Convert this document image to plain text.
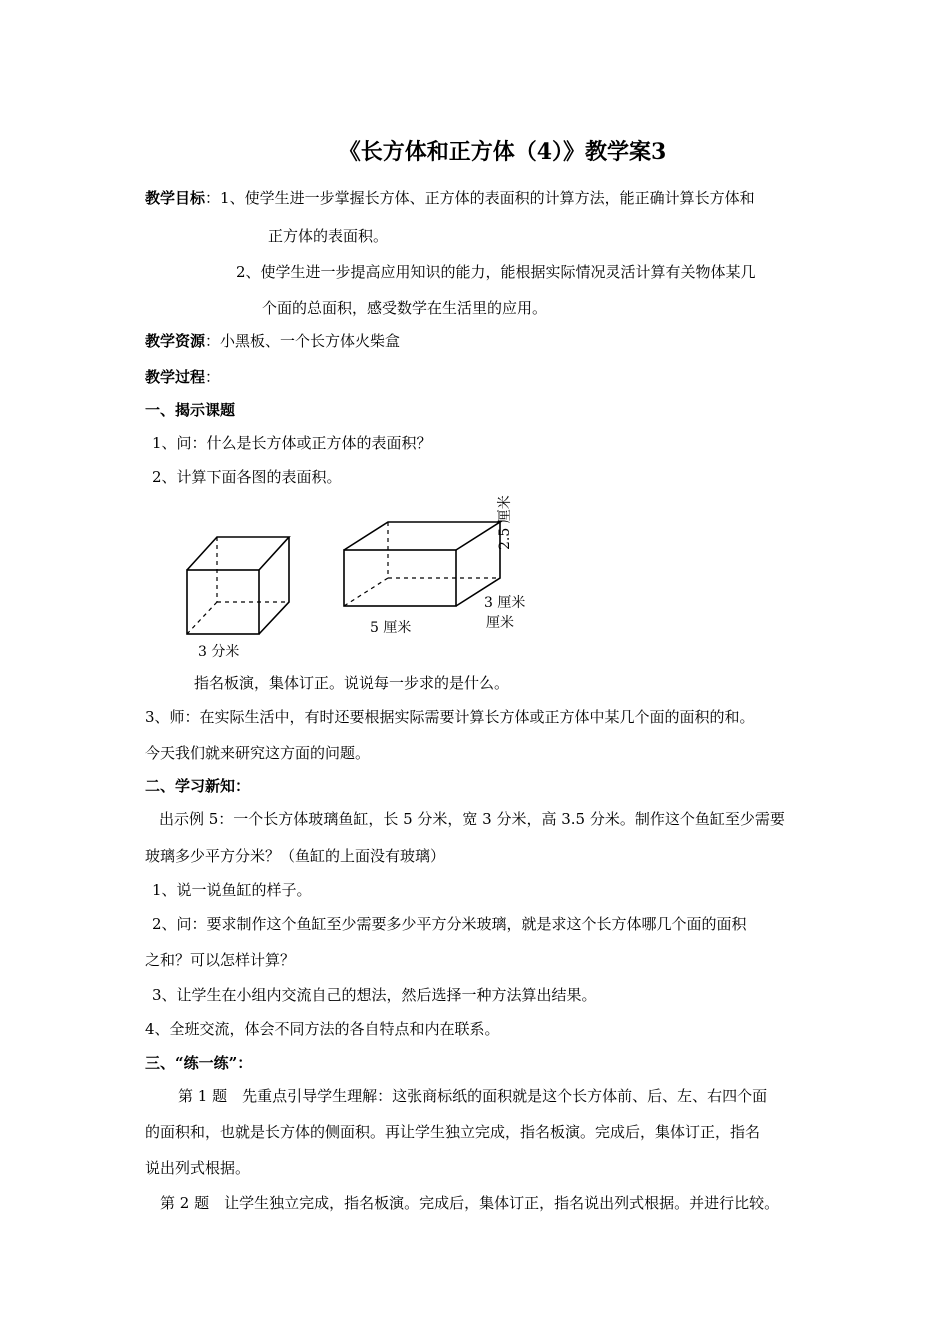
《长方体和正方体（4）》教学案3
教学目标：1、使学生进一步掌握长方体、正方体的表面积的计算方法，能正确计算长方体和
正方体的表面积。
2、使学生进一步提高应用知识的能力，能根据实际情况灵活计算有关物体某几
个面的总面积，感受数学在生活里的应用。
教学资源：小黑板、一个长方体火柴盒
教学过程：
一、揭示课题
1、问：什么是长方体或正方体的表面积？
2、计算下面各图的表面积。
3 分米
5 厘米
3 厘米
厘米
2.5 厘米
指名板演，集体订正。说说每一步求的是什么。
3、师：在实际生活中，有时还要根据实际需要计算长方体或正方体中某几个面的面积的和。
今天我们就来研究这方面的问题。
二、学习新知：
出示例 5：一个长方体玻璃鱼缸，长 5 分米，宽 3 分米，高 3.5 分米。制作这个鱼缸至少需要
玻璃多少平方分米？（鱼缸的上面没有玻璃）
1、说一说鱼缸的样子。
2、问：要求制作这个鱼缸至少需要多少平方分米玻璃，就是求这个长方体哪几个面的面积
之和？可以怎样计算？
3、让学生在小组内交流自己的想法，然后选择一种方法算出结果。
4、全班交流，体会不同方法的各自特点和内在联系。
三、“练一练”：
第 1 题　先重点引导学生理解：这张商标纸的面积就是这个长方体前、后、左、右四个面
的面积和，也就是长方体的侧面积。再让学生独立完成，指名板演。完成后，集体订正，指名
说出列式根据。
第 2 题　让学生独立完成，指名板演。完成后，集体订正，指名说出列式根据。并进行比较。
